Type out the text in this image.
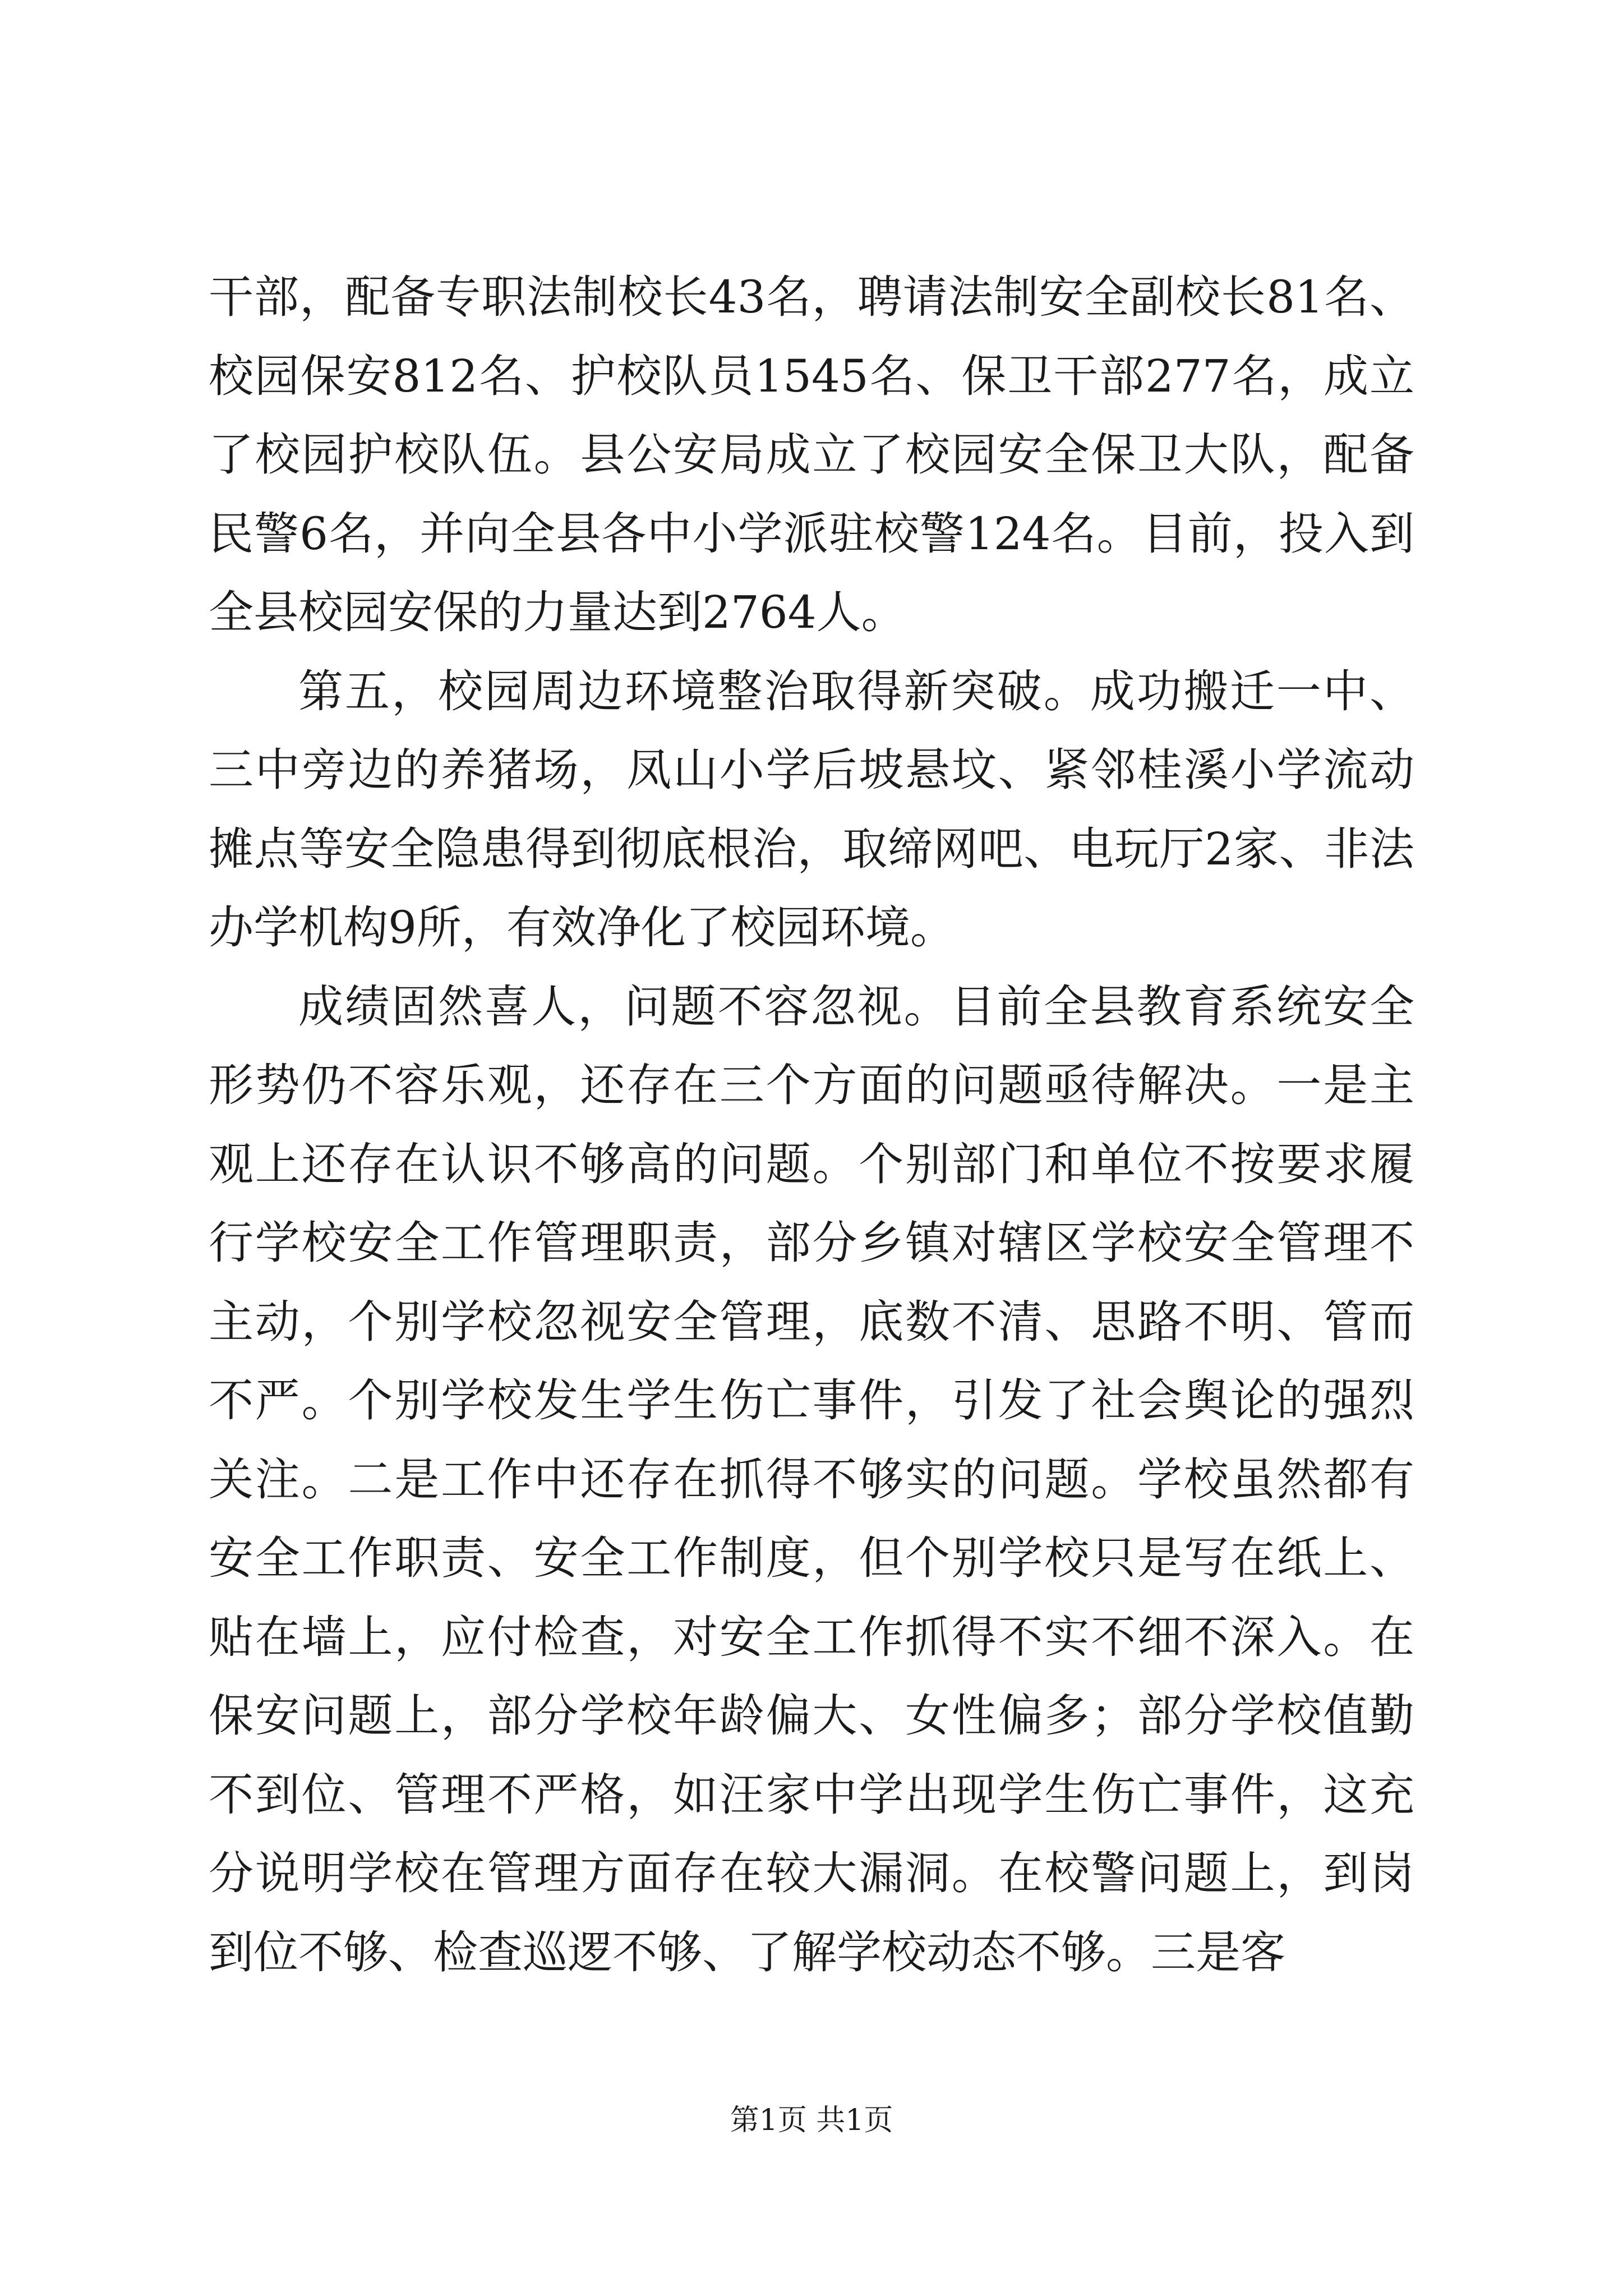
干部，配备专职法制校长43名，聘请法制安全副校长81名、校园保安812名、护校队员1545名、保卫干部277名，成立了校园护校队伍。县公安局成立了校园安全保卫大队，配备民警6名，并向全县各中小学派驻校警124名。目前，投入到全县校园安保的力量达到2764人。

第五，校园周边环境整治取得新突破。成功搬迁一中、三中旁边的养猪场，凤山小学后坡悬坟、紧邻桂溪小学流动摊点等安全隐患得到彻底根治，取缔网吧、电玩厅2家、非法办学机构9所，有效净化了校园环境。

成绩固然喜人，问题不容忽视。目前全县教育系统安全形势仍不容乐观，还存在三个方面的问题亟待解决。一是主观上还存在认识不够高的问题。个别部门和单位不按要求履行学校安全工作管理职责，部分乡镇对辖区学校安全管理不主动，个别学校忽视安全管理，底数不清、思路不明、管而不严。个别学校发生学生伤亡事件，引发了社会舆论的强烈关注。二是工作中还存在抓得不够实的问题。学校虽然都有安全工作职责、安全工作制度，但个别学校只是写在纸上、贴在墙上，应付检查，对安全工作抓得不实不细不深入。在保安问题上，部分学校年龄偏大、女性偏多；部分学校值勤不到位、管理不严格，如汪家中学出现学生伤亡事件，这充分说明学校在管理方面存在较大漏洞。在校警问题上，到岗到位不够、检查巡逻不够、了解学校动态不够。三是客

第1页 共1页
